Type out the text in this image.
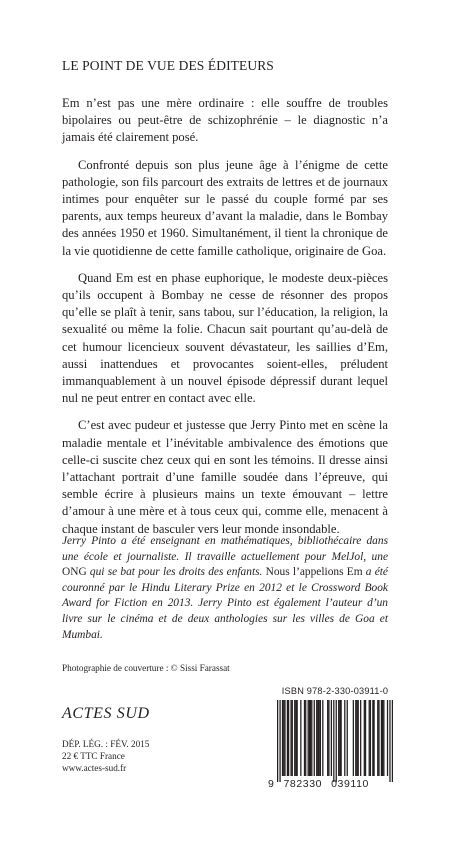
LE POINT DE VUE DES ÉDITEURS

Em n’est pas une mère ordinaire : elle souffre de troubles bipolaires ou peut-être de schizophrénie – le diagnostic n’a jamais été clairement posé.

Confronté depuis son plus jeune âge à l’énigme de cette pathologie, son fils parcourt des extraits de lettres et de journaux intimes pour enquêter sur le passé du couple formé par ses parents, aux temps heureux d’avant la maladie, dans le Bombay des années 1950 et 1960. Simultanément, il tient la chronique de la vie quotidienne de cette famille catholique, originaire de Goa.

Quand Em est en phase euphorique, le modeste deux-pièces qu’ils occupent à Bombay ne cesse de résonner des propos qu’elle se plaît à tenir, sans tabou, sur l’éducation, la religion, la sexualité ou même la folie. Chacun sait pourtant qu’au-delà de cet humour licencieux souvent dévastateur, les saillies d’Em, aussi inattendues et provocantes soient-elles, préludent immanquablement à un nouvel épisode dépressif durant lequel nul ne peut entrer en contact avec elle.

C’est avec pudeur et justesse que Jerry Pinto met en scène la maladie mentale et l’inévitable ambivalence des émotions que celle-ci suscite chez ceux qui en sont les témoins. Il dresse ainsi l’attachant portrait d’une famille soudée dans l’épreuve, qui semble écrire à plusieurs mains un texte émouvant – lettre d’amour à une mère et à tous ceux qui, comme elle, menacent à chaque instant de basculer vers leur monde insondable.

Jerry Pinto a été enseignant en mathématiques, bibliothécaire dans une école et journaliste. Il travaille actuellement pour MelJol, une ONG qui se bat pour les droits des enfants. Nous l’appelions Em a été couronné par le Hindu Literary Prize en 2012 et le Crossword Book Award for Fiction en 2013. Jerry Pinto est également l’auteur d’un livre sur le cinéma et de deux anthologies sur les villes de Goa et Mumbai.
Photographie de couverture : © Sissi Farassat
ACTES SUD
DÉP. LÉG. : FÉV. 2015
22 € TTC France
www.actes-sud.fr
ISBN 978-2-330-03911-0
9 782330 039110
